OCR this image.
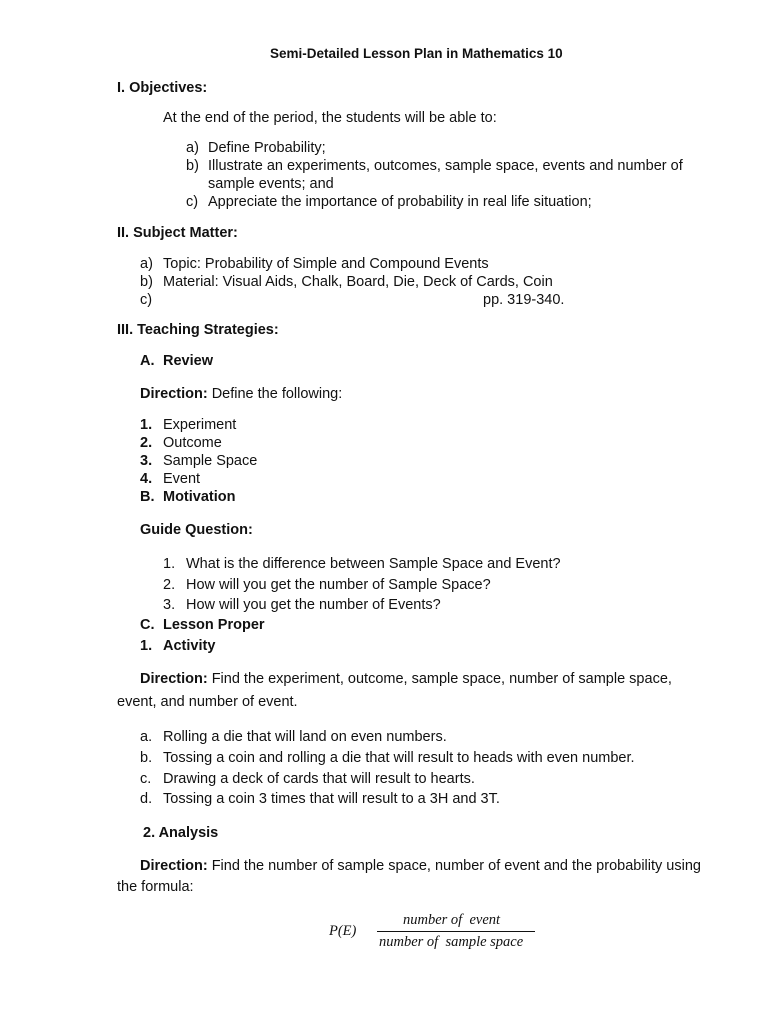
Semi-Detailed Lesson Plan in Mathematics 10
I. Objectives:
At the end of the period, the students will be able to:
a) Define Probability;
b) Illustrate an experiments, outcomes, sample space, events and number of
sample events; and
c) Appreciate the importance of probability in real life situation;
II. Subject Matter:
a) Topic: Probability of Simple and Compound Events
b) Material: Visual Aids, Chalk, Board, Die, Deck of Cards, Coin
c)	pp. 319-340.
III. Teaching Strategies:
A. Review
Direction: Define the following:
1. Experiment
2. Outcome
3. Sample Space
4. Event
B. Motivation
Guide Question:
1. What is the difference between Sample Space and Event?
2. How will you get the number of Sample Space?
3. How will you get the number of Events?
C. Lesson Proper
1. Activity
Direction: Find the experiment, outcome, sample space, number of sample space,
event, and number of event.
a. Rolling a die that will land on even numbers.
b. Tossing a coin and rolling a die that will result to heads with even number.
c. Drawing a deck of cards that will result to hearts.
d. Tossing a coin 3 times that will result to a 3H and 3T.
2. Analysis
Direction: Find the number of sample space, number of event and the probability using
the formula:
P(E)
number of  event
number of  sample space
